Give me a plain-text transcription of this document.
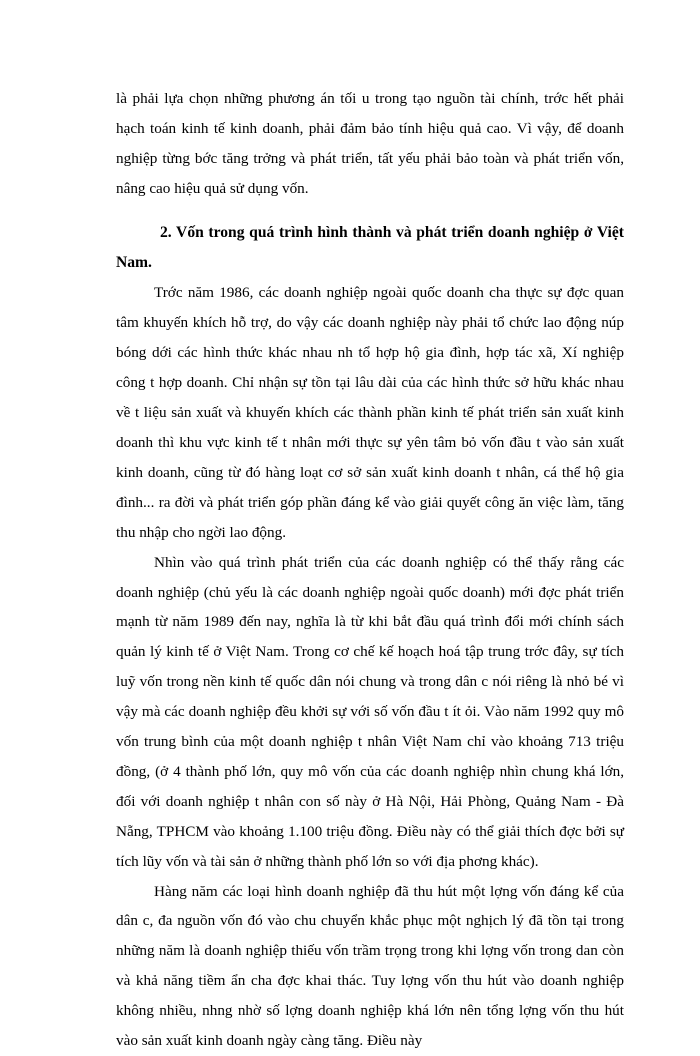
là phải lựa chọn những phương án tối u trong tạo nguồn tài chính, trớc hết phải hạch toán kinh tế kinh doanh, phải đảm bảo tính hiệu quả cao. Vì vậy, để doanh nghiệp từng bớc tăng trởng và phát triển, tất yếu phải bảo toàn và phát triển vốn, nâng cao hiệu quả sử dụng vốn.

2. Vốn trong quá trình hình thành và phát triển doanh nghiệp ở Việt Nam.

Trớc năm 1986, các doanh nghiệp ngoài quốc doanh cha thực sự đợc quan tâm khuyến khích hỗ trợ, do vậy các doanh nghiệp này phải tổ chức lao động núp bóng dới các hình thức khác nhau nh tổ hợp hộ gia đình, hợp tác xã, Xí nghiệp công t hợp doanh. Chỉ nhận sự tồn tại lâu dài của các hình thức sở hữu khác nhau về t liệu sản xuất và khuyến khích các thành phần kinh tế phát triển sản xuất kinh doanh thì khu vực kinh tế t nhân mới thực sự yên tâm bỏ vốn đầu t vào sản xuất kinh doanh, cũng từ đó hàng loạt cơ sở sản xuất kinh doanh t nhân, cá thể hộ gia đình... ra đời và phát triển góp phần đáng kể vào giải quyết công ăn việc làm, tăng thu nhập cho ngời lao động.

Nhìn vào quá trình phát triển của các doanh nghiệp có thể thấy rằng các doanh nghiệp (chủ yếu là các doanh nghiệp ngoài quốc doanh) mới đợc phát triển mạnh từ năm 1989 đến nay, nghĩa là từ khi bắt đầu quá trình đổi mới chính sách quản lý kinh tế ở Việt Nam. Trong cơ chế kế hoạch hoá tập trung trớc đây, sự tích luỹ vốn trong nền kinh tế quốc dân nói chung và trong dân c nói riêng là nhỏ bé vì vậy mà các doanh nghiệp đều khởi sự với số vốn đầu t ít ỏi. Vào năm 1992 quy mô vốn trung bình của một doanh nghiệp t nhân Việt Nam chỉ vào khoảng 713 triệu đồng, (ở 4 thành phố lớn, quy mô vốn của các doanh nghiệp nhìn chung khá lớn, đối với doanh nghiệp t nhân con số này ở Hà Nội, Hải Phòng, Quảng Nam - Đà Nẵng, TPHCM vào khoảng 1.100 triệu đồng. Điều này có thể giải thích đợc bởi sự tích lũy vốn và tài sản ở những thành phố lớn so với địa phơng khác).

Hàng năm các loại hình doanh nghiệp đã thu hút một lợng vốn đáng kể của dân c, đa nguồn vốn đó vào chu chuyển khắc phục một nghịch lý đã tồn tại trong những năm là doanh nghiệp thiếu vốn trầm trọng trong khi lợng vốn trong dan còn và khả năng tiềm ẩn cha đợc khai thác. Tuy lợng vốn thu hút vào doanh nghiệp không nhiều, nhng nhờ số lợng doanh nghiệp khá lớn nên tổng lợng vốn thu hút vào sản xuất kinh doanh ngày càng tăng. Điều này
